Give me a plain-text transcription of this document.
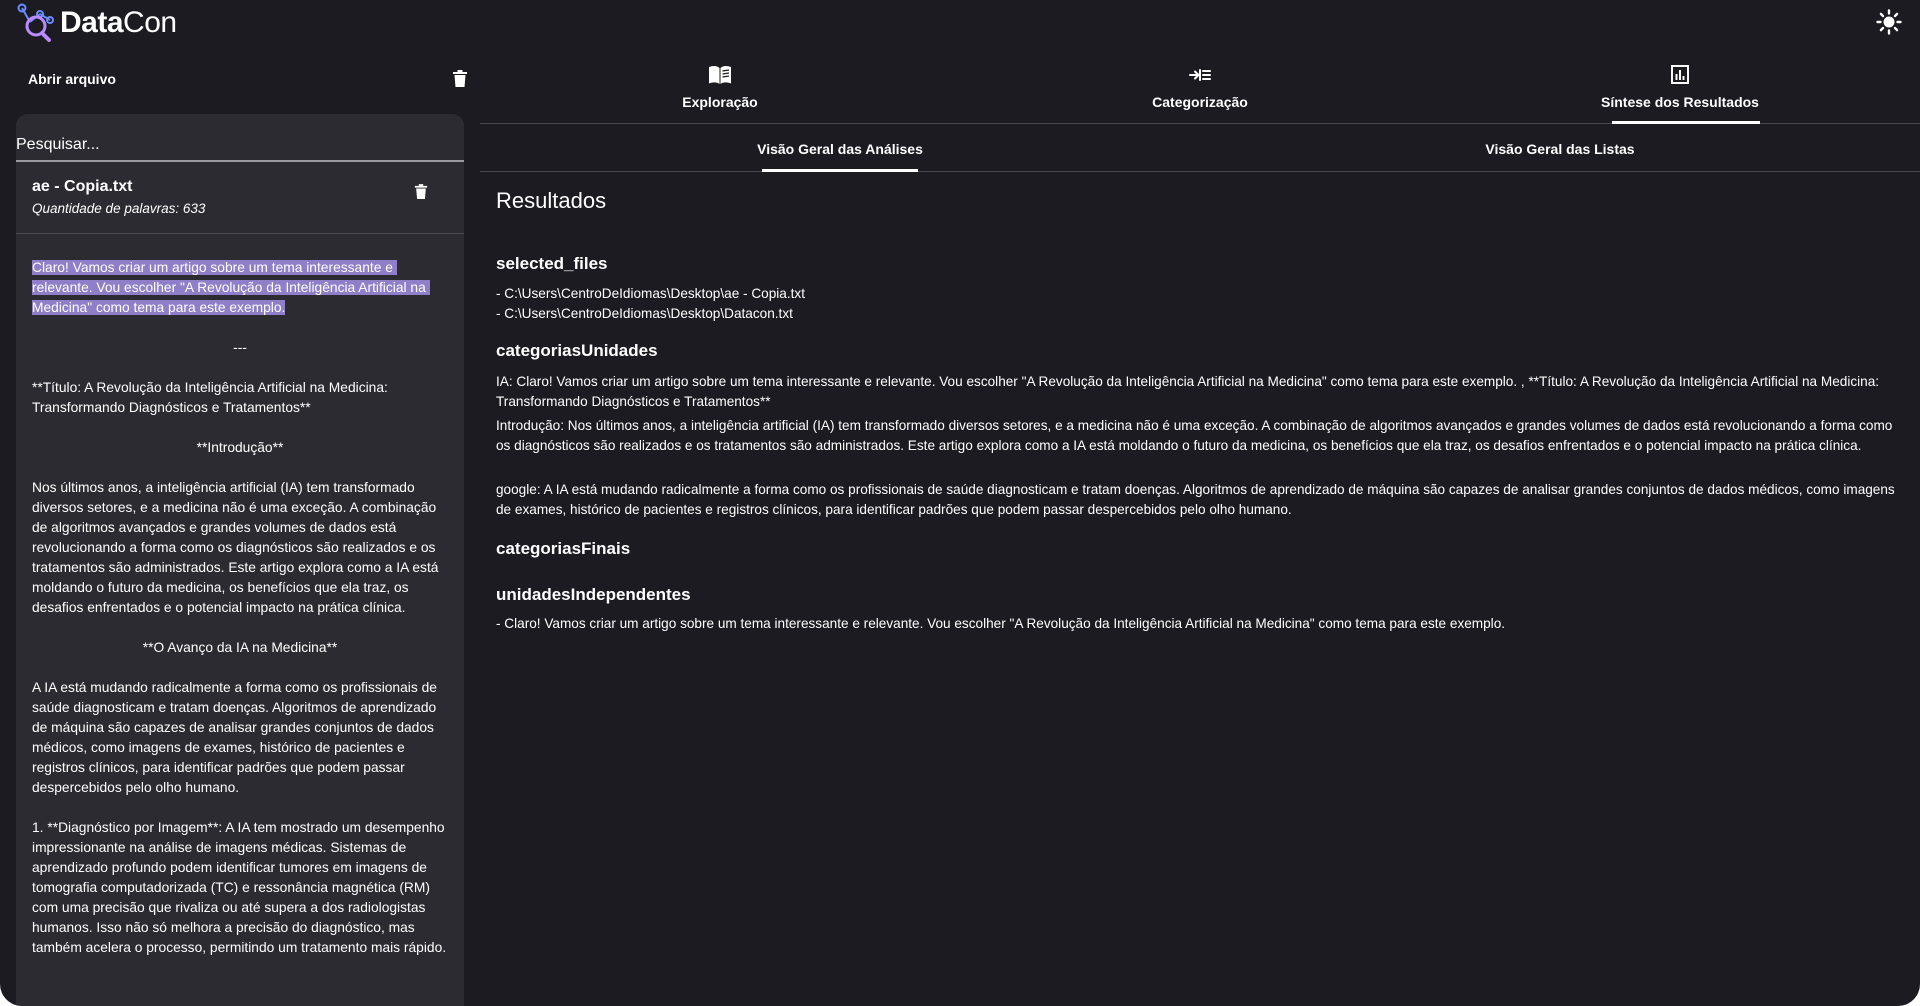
DataCon
Abrir arquivo
Pesquisar...
ae - Copia.txt
Quantidade de palavras: 633
Claro! Vamos criar um artigo sobre um tema interessante e relevante. Vou escolher "A Revolução da Inteligência Artificial na Medicina" como tema para este exemplo.

---

**Título: A Revolução da Inteligência Artificial na Medicina: Transformando Diagnósticos e Tratamentos**

**Introdução**

Nos últimos anos, a inteligência artificial (IA) tem transformado diversos setores, e a medicina não é uma exceção. A combinação de algoritmos avançados e grandes volumes de dados está revolucionando a forma como os diagnósticos são realizados e os tratamentos são administrados. Este artigo explora como a IA está moldando o futuro da medicina, os benefícios que ela traz, os desafios enfrentados e o potencial impacto na prática clínica.

**O Avanço da IA na Medicina**

A IA está mudando radicalmente a forma como os profissionais de saúde diagnosticam e tratam doenças. Algoritmos de aprendizado de máquina são capazes de analisar grandes conjuntos de dados médicos, como imagens de exames, histórico de pacientes e registros clínicos, para identificar padrões que podem passar despercebidos pelo olho humano.

1. **Diagnóstico por Imagem**: A IA tem mostrado um desempenho impressionante na análise de imagens médicas. Sistemas de aprendizado profundo podem identificar tumores em imagens de tomografia computadorizada (TC) e ressonância magnética (RM) com uma precisão que rivaliza ou até supera a dos radiologistas humanos. Isso não só melhora a precisão do diagnóstico, mas também acelera o processo, permitindo um tratamento mais rápido.
Exploração	Categorização	Síntese dos Resultados
Visão Geral das Análises	Visão Geral das Listas
Resultados
selected_files
- C:\Users\CentroDeIdiomas\Desktop\ae - Copia.txt
- C:\Users\CentroDeIdiomas\Desktop\Datacon.txt
categoriasUnidades
IA: Claro! Vamos criar um artigo sobre um tema interessante e relevante. Vou escolher "A Revolução da Inteligência Artificial na Medicina" como tema para este exemplo. , **Título: A Revolução da Inteligência Artificial na Medicina: Transformando Diagnósticos e Tratamentos**
Introdução: Nos últimos anos, a inteligência artificial (IA) tem transformado diversos setores, e a medicina não é uma exceção. A combinação de algoritmos avançados e grandes volumes de dados está revolucionando a forma como os diagnósticos são realizados e os tratamentos são administrados. Este artigo explora como a IA está moldando o futuro da medicina, os benefícios que ela traz, os desafios enfrentados e o potencial impacto na prática clínica.
google: A IA está mudando radicalmente a forma como os profissionais de saúde diagnosticam e tratam doenças. Algoritmos de aprendizado de máquina são capazes de analisar grandes conjuntos de dados médicos, como imagens de exames, histórico de pacientes e registros clínicos, para identificar padrões que podem passar despercebidos pelo olho humano.
categoriasFinais
unidadesIndependentes
- Claro! Vamos criar um artigo sobre um tema interessante e relevante. Vou escolher "A Revolução da Inteligência Artificial na Medicina" como tema para este exemplo.
